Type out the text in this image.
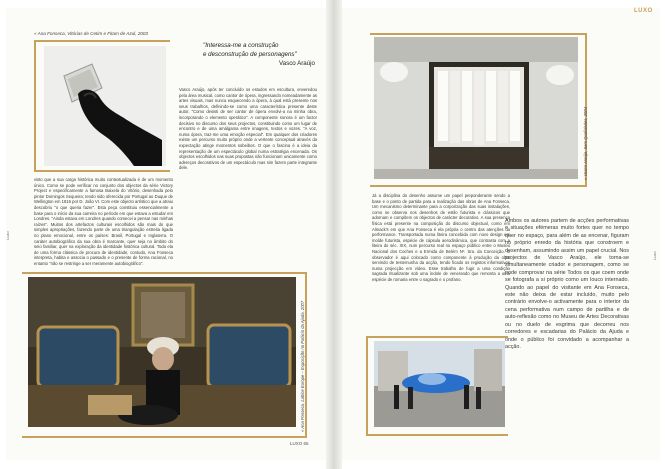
« Ana Fonseca, Vitórias de Cetim e Fitam de Azul, 2003
"Interessa-me a construção
e desconstrução de personagens"
Vasco Araújo
visto que a sua carga histórica muito contextualizada é de um momento único. Como se pode verificar no conjunto dos objectos da série Victory Project e especificamente a famosa Baixela do Vitório, desenhada pelo pintor Domingos Sequeira; tendo sido oferecida por Portugal ao Duque de Wellington em 1816 por D. João VI. Com este objecto artístico que a atraiu descobriu "o que queria fazer". Esta peça constituiu essencialmente a base para o início da sua carreira no período em que estava a estudar em Londres. "Ainda estava em Londres quando comecei a pensar nas minhas raízes". Muitos dos artefactos culturais escolhidos são mais do que simples apropriações, fazendo parte de uma triangulação estreita ligada no plano emocional, entre os países: Brasil, Portugal e Inglaterra. O caráter autobiográfico da sua obra é marcante, quer seja no âmbito do seio familiar, quer na exploração da identidade histórica cultural. Toda ela de uma forma clássica de procura de identidade, contudo, Ana Fonseca interpreta, habita e associa o passado e o presente de forma racional, no entanto "não se restringe a ser meramente autobiográfico".
Vasco Araújo, após ter concluído os estudos em escultura, enveredou pela área musical, como cantor de ópera, ingressando nomeadamente as artes visuais, mas nunca esquecendo a ópera, à qual está presente nos seus trabalhos, definindo-se como uma característica presente deste autor. "Como desisti de ser cantor de ópera envolvi-a na minha obra, incorporando o elemento operático". A componente sonora é um factor decisivo no discurso dos seus projectos, constituindo como um lugar de encontro e de uma amálgama entre imagens, textos e vozes. "A voz, numa ópera, traz-me uma emoção especial". Em qualquer dos criadores existe um percurso muito próprio onde a vertente conceptual através da expectação atinge momentos sobeibos. O que o fascina é a ideia da representação de um espectáculo global numa estratégia encenada. Os objectos escolhidos nas suas propostas não funcionam unicamente como adereços decorativos de um espectáculo mas sim fazem parte integrante dele.
« Ana Fonseca, Lattice Europe – Exposição no Palácio da Ajuda, 2007
LUXO 65
Luxo
LUXO
« Vasco Araújo, Sem Qualidades, 2004
Já a disciplina do desenho assume um papel preponderante sendo a base e o ponto de partida para a realização das obras de Ana Fonseca. Um mecanismo determinante para a corporização das suas instalações, como se observa nos desenhos de estilo futurista e clássicos que adornam e compõem os objectos de carácter decorativo. A sua presença física está presente na composição do discurso objectual, como em Almack's em que Ana Fonseca é ela própria o centro das atenções da performance. Transportada numa liteira concebida com novo design em molde futurista, espécie de cápsula aerodinâmica, que contrasta com a liteira do séc. XIX, num percurso real no espaço público entre o Museu Nacional dos Coches e a Ermida de Belém Nº. Sra. da Conceição. O observador é aqui colocado como componente à produção da obra servindo de testemunha da acção, tendo ficado os registos informativos numa projecção em vídeo. Esse trabalho de fugir a uma condição sagrada ritualizante sob uma índole de venerando que remonta a uma espécie de romaria entre o sagrado e o profano.
Ambos os autores partem de acções performativas e situações efémeras muito fortes quer no tempo quer no espaço, para além de as encenar, figuram no próprio enredo da história que constroem e desenham, assumindo assim um papel crucial. Nos projectos de Vasco Araújo, ele torna-se simultaneamente criador e personagem, como se pode comprovar na série Todos os que coem onde se fotografa a si próprio como um louco internado. Quando ao papel do visitante em Ana Fonseca, este não deixa de estar incluído, muito pelo contrário envolve-o activamente para o interior da cena performativa num campo de partilha e de auto-reflexão como no Museu de Artes Decorativas ou no duelo de esgrima que decorreu nos corredores e escadarias do Palácio da Ajuda e onde o público foi convidado a acompanhar a acção.
Luxo
